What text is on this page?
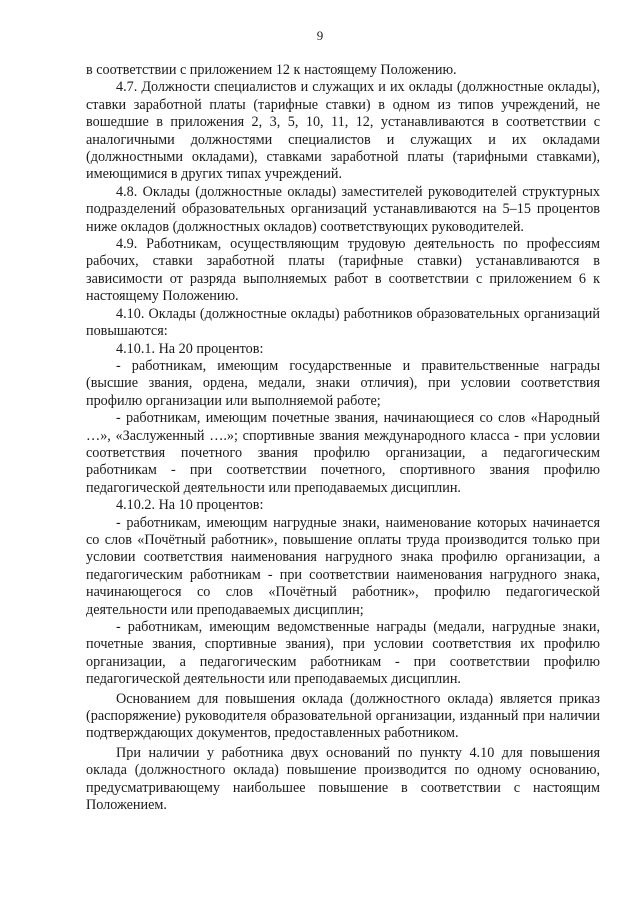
9

в соответствии с приложением 12 к настоящему Положению.

4.7. Должности специалистов и служащих и их оклады (должностные оклады), ставки заработной платы (тарифные ставки) в одном из типов учреждений, не вошедшие в приложения 2, 3, 5, 10, 11, 12, устанавливаются в соответствии с аналогичными должностями специалистов и служащих и их окладами (должностными окладами), ставками заработной платы (тарифными ставками), имеющимися в других типах учреждений.

4.8. Оклады (должностные оклады) заместителей руководителей структурных подразделений образовательных организаций устанавливаются на 5–15 процентов ниже окладов (должностных окладов) соответствующих руководителей.

4.9. Работникам, осуществляющим трудовую деятельность по профессиям рабочих, ставки заработной платы (тарифные ставки) устанавливаются в зависимости от разряда выполняемых работ в соответствии с приложением 6 к настоящему Положению.

4.10. Оклады (должностные оклады) работников образовательных организаций повышаются:

4.10.1. На 20 процентов:

- работникам, имеющим государственные и правительственные награды (высшие звания, ордена, медали, знаки отличия), при условии соответствия профилю организации или выполняемой работе;

- работникам, имеющим почетные звания, начинающиеся со слов «Народный …», «Заслуженный ….»; спортивные звания международного класса - при условии соответствия почетного звания профилю организации, а педагогическим работникам - при соответствии почетного, спортивного звания профилю педагогической деятельности или преподаваемых дисциплин.

4.10.2. На 10 процентов:

- работникам, имеющим нагрудные знаки, наименование которых начинается со слов «Почётный работник», повышение оплаты труда производится только при условии соответствия наименования нагрудного знака профилю организации, а педагогическим работникам - при соответствии наименования нагрудного знака, начинающегося со слов «Почётный работник», профилю педагогической деятельности или преподаваемых дисциплин;

- работникам, имеющим ведомственные награды (медали, нагрудные знаки, почетные звания, спортивные звания), при условии соответствия их профилю организации, а педагогическим работникам - при соответствии профилю педагогической деятельности или преподаваемых дисциплин.

Основанием для повышения оклада (должностного оклада) является приказ (распоряжение) руководителя образовательной организации, изданный при наличии подтверждающих документов, предоставленных работником.

При наличии у работника двух оснований по пункту 4.10 для повышения оклада (должностного оклада) повышение производится по одному основанию, предусматривающему наибольшее повышение в соответствии с настоящим Положением.
